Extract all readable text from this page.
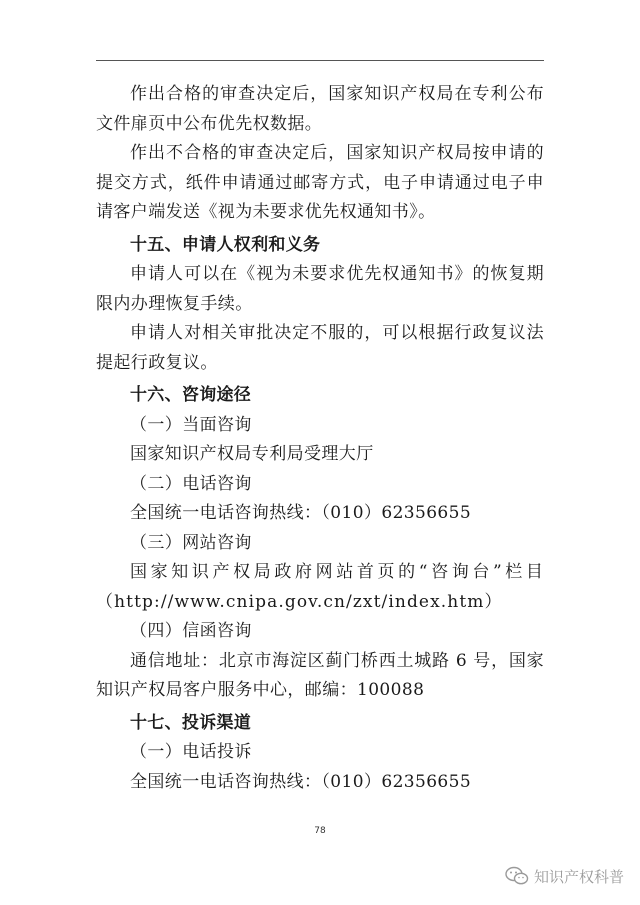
作出合格的审查决定后，国家知识产权局在专利公布文件扉页中公布优先权数据。

作出不合格的审查决定后，国家知识产权局按申请的提交方式，纸件申请通过邮寄方式，电子申请通过电子申请客户端发送《视为未要求优先权通知书》。

十五、申请人权利和义务

申请人可以在《视为未要求优先权通知书》的恢复期限内办理恢复手续。

申请人对相关审批决定不服的，可以根据行政复议法提起行政复议。

十六、咨询途径

（一）当面咨询

国家知识产权局专利局受理大厅

（二）电话咨询

全国统一电话咨询热线：（010）62356655

（三）网站咨询

国家知识产权局政府网站首页的“咨询台”栏目（http://www.cnipa.gov.cn/zxt/index.htm）

（四）信函咨询

通信地址：北京市海淀区蓟门桥西土城路 6 号，国家知识产权局客户服务中心，邮编：100088

十七、投诉渠道

（一）电话投诉

全国统一电话咨询热线：（010）62356655

78
知识产权科普
